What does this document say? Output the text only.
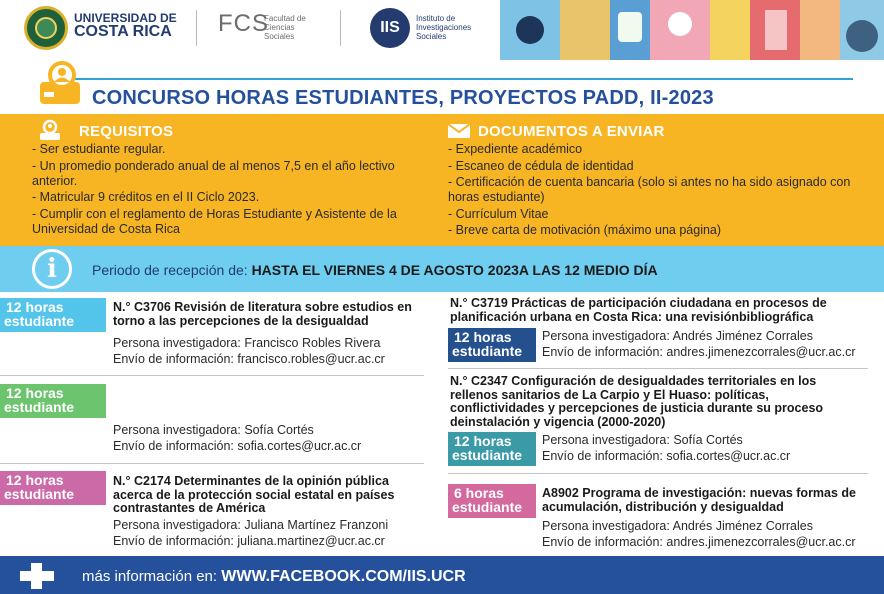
UNIVERSIDAD DE
COSTA RICA FCS
Facultad de
Ciencias
Sociales
IIS
Instituto de
Investigaciones
Sociales
CONCURSO HORAS ESTUDIANTES, PROYECTOS PADD, II-2023
REQUISITOS	DOCUMENTOS A ENVIAR
- Ser estudiante regular.
- Un promedio ponderado anual de al menos 7,5 en el año lectivo anterior.
- Matricular 9 créditos en el II Ciclo 2023.
- Cumplir con el reglamento de Horas Estudiante y Asistente de la Universidad de Costa Rica
- Expediente académico
- Escaneo de cédula de identidad
- Certificación de cuenta bancaria (solo si antes no ha sido asignado con horas estudiante)
- Currículum Vitae
- Breve carta de motivación (máximo una página)
i	Periodo de recepción de: HASTA EL VIERNES 4 DE AGOSTO 2023A LAS 12 MEDIO DÍA
12 horas
estudiante
N.° C3706 Revisión de literatura sobre estudios en torno a las percepciones de la desigualdad
Persona investigadora: Francisco Robles Rivera
Envío de información: francisco.robles@ucr.ac.cr
12 horas
estudiante
Persona investigadora: Sofía Cortés
Envío de información: sofia.cortes@ucr.ac.cr
12 horas
estudiante
N.° C2174 Determinantes de la opinión pública acerca de la protección social estatal en países contrastantes de América
Persona investigadora: Juliana Martínez Franzoni
Envío de información: juliana.martinez@ucr.ac.cr
N.° C3719 Prácticas de participación ciudadana en procesos de planificación urbana en Costa Rica: una revisiónbibliográfica
12 horas
estudiante
Persona investigadora: Andrés Jiménez Corrales
Envío de información: andres.jimenezcorrales@ucr.ac.cr
N.° C2347 Configuración de desigualdades territoriales en los rellenos sanitarios de La Carpio y El Huaso: políticas, conflictividades y percepciones de justicia durante su proceso deinstalación y vigencia (2000-2020)
12 horas
estudiante
Persona investigadora: Sofía Cortés
Envío de información: sofia.cortes@ucr.ac.cr
6 horas
estudiante
A8902 Programa de investigación: nuevas formas de acumulación, distribución y desigualdad
Persona investigadora: Andrés Jiménez Corrales
Envío de información: andres.jimenezcorrales@ucr.ac.cr
más información en: WWW.FACEBOOK.COM/IIS.UCR
